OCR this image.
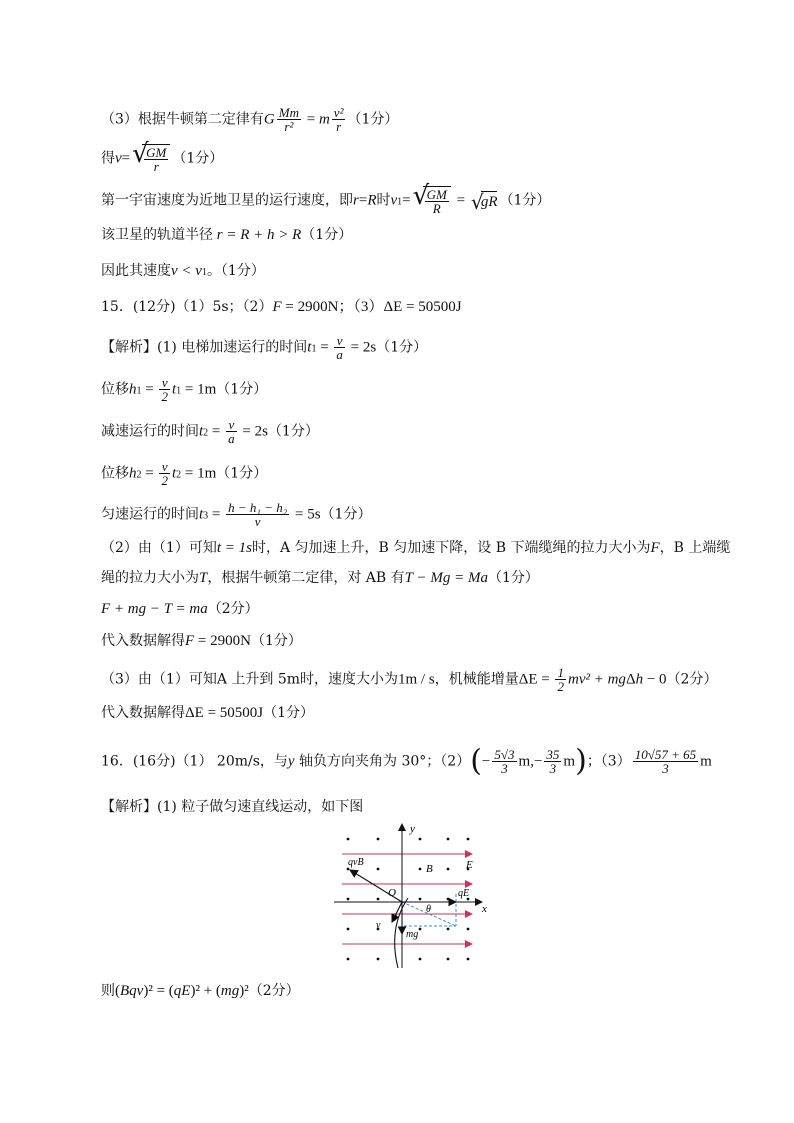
（3）根据牛顿第二定律有G $\frac{Mm}{\text{r²}} = m \frac{\text{v²}}{r} (1$分）
得v= √
$\frac{GM}{r} (1$分）
第一宇宙速度为近地卫星的运行速度，即r=R时v1= √
$\frac{GM}{R}$ = √
gR （1分）
该卫星的轨道半径 r = R + h > R（1分）
因此其速度v < v1。（1分）
15．(12分)（1）5s；（2）F = 2900N；（3）ΔE = 50500J
【解析】(1) 电梯加速运行的时间$t1 = \frac{v}{a} = 2s(1$分）
位移$h1 = \frac{v}{2} t1 = 1m(1$分）
减速运行的时间$t2 = \frac{v}{a} = 2s(1$分）
位移$h2 = \frac{v}{2} t2 = 1m(1$分）
匀速运行的时间$t3 = \frac{\text{h − h₁ − h₂}}{v} = 5s(1$分）
（2）由（1）可知t = 1s时，A 匀加速上升，B 匀加速下降，设 B 下端缆绳的拉力大小为F，B 上端缆
绳的拉力大小为T，根据牛顿第二定律，对 AB 有T − Mg = Ma（1分）
F + mg − T = ma（2分）
代入数据解得F = 2900N（1分）
（3）由（1）可知A 上升到 5m时，速度大小为1m / s，机械能增量$\Delta E = \frac{1}{2} mv^2 + mg\Delta h - 0(2$分）
代入数据解得ΔE = 50500J（1分）
16．(16分)（1） 20m/s，与y 轴负方向夹角为 30°；$(2)(- \frac{5√3}{3} m,- \frac{35}{3} m)$；$(3) \frac{10√57 + 65}{3}$ m
【解析】(1) 粒子做匀速直线运动，如下图
y
x
O
B	E
qvB
qE
mg
v
θ
θ
则(Bqv)² = (qE)² + (mg)²（2分）
